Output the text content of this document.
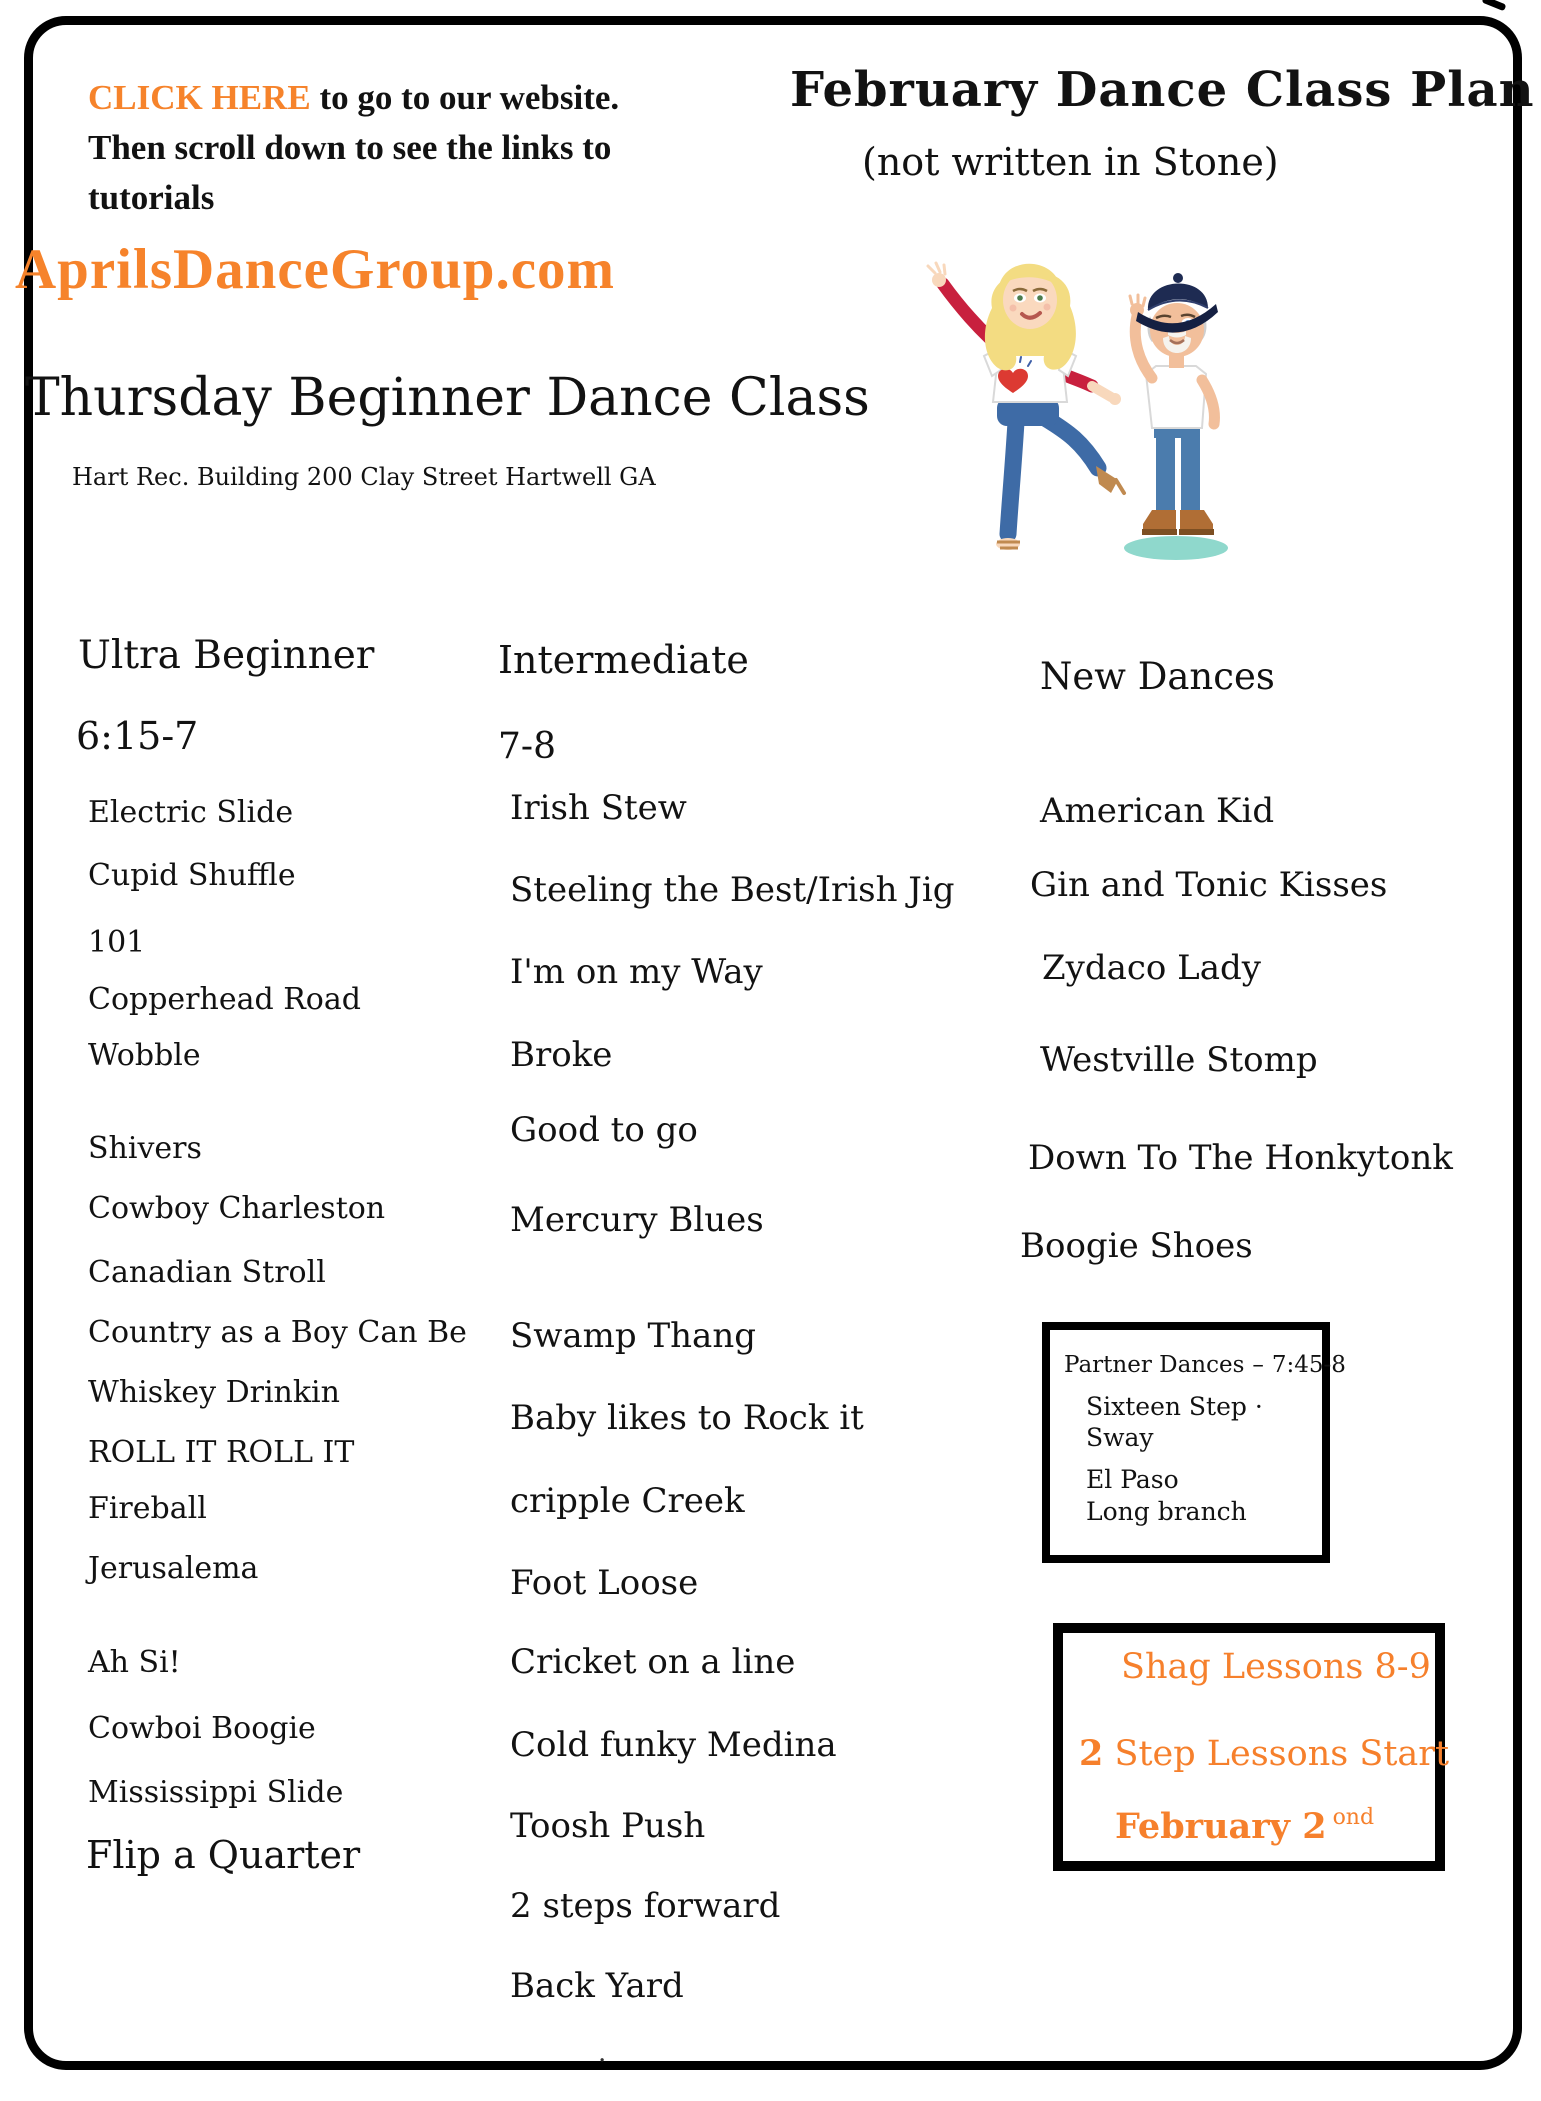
CLICK HERE to go to our website.
Then scroll down to see the links to
tutorials
AprilsDanceGroup.com
Thursday Beginner Dance Class
Hart Rec. Building 200 Clay Street Hartwell GA
February Dance Class Plan
(not written in Stone)
Ultra Beginner
6:15-7
Electric Slide
Cupid Shuffle
101
Copperhead Road
Wobble
Shivers
Cowboy Charleston
Canadian Stroll
Country as a Boy Can Be
Whiskey Drinkin
ROLL IT ROLL IT
Fireball
Jerusalema
Ah Si!
Cowboi Boogie
Mississippi Slide
Flip a Quarter
Intermediate
7-8
Irish Stew
Steeling the Best/Irish Jig
I'm on my Way
Broke
Good to go
Mercury Blues
Swamp Thang
Baby likes to Rock it
cripple Creek
Foot Loose
Cricket on a line
Cold funky Medina
Toosh Push
2 steps forward
Back Yard
New Dances
American Kid
Gin and Tonic Kisses
Zydaco Lady
Westville Stomp
Down To The Honkytonk
Boogie Shoes
Partner Dances – 7:45-8
Sixteen Step ·
Sway
El Paso
Long branch
Shag Lessons 8-9
2 Step Lessons Start
February 2 $^{ond}$
.
